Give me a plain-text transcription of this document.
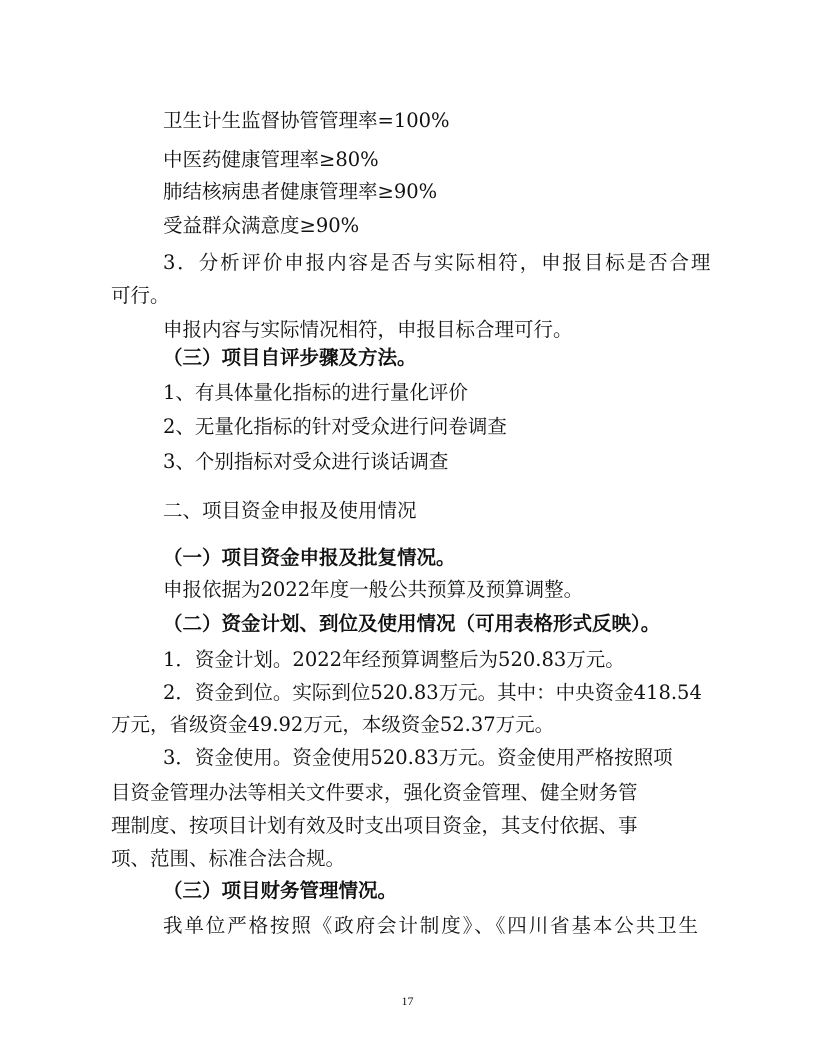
卫生计生监督协管管理率=100%
中医药健康管理率≥80%
肺结核病患者健康管理率≥90%
受益群众满意度≥90%
3．分析评价申报内容是否与实际相符，申报目标是否合理
可行。
申报内容与实际情况相符，申报目标合理可行。
（三）项目自评步骤及方法。
1、有具体量化指标的进行量化评价
2、无量化指标的针对受众进行问卷调查
3、个别指标对受众进行谈话调查
二、项目资金申报及使用情况
（一）项目资金申报及批复情况。
申报依据为2022年度一般公共预算及预算调整。
（二）资金计划、到位及使用情况（可用表格形式反映）。
1．资金计划。2022年经预算调整后为520.83万元。
2．资金到位。实际到位520.83万元。其中：中央资金418.54
万元，省级资金49.92万元，本级资金52.37万元。
3．资金使用。资金使用520.83万元。资金使用严格按照项
目资金管理办法等相关文件要求，强化资金管理、健全财务管
理制度、按项目计划有效及时支出项目资金，其支付依据、事
项、范围、标准合法合规。
（三）项目财务管理情况。
我单位严格按照《政府会计制度》、《四川省基本公共卫生
17
